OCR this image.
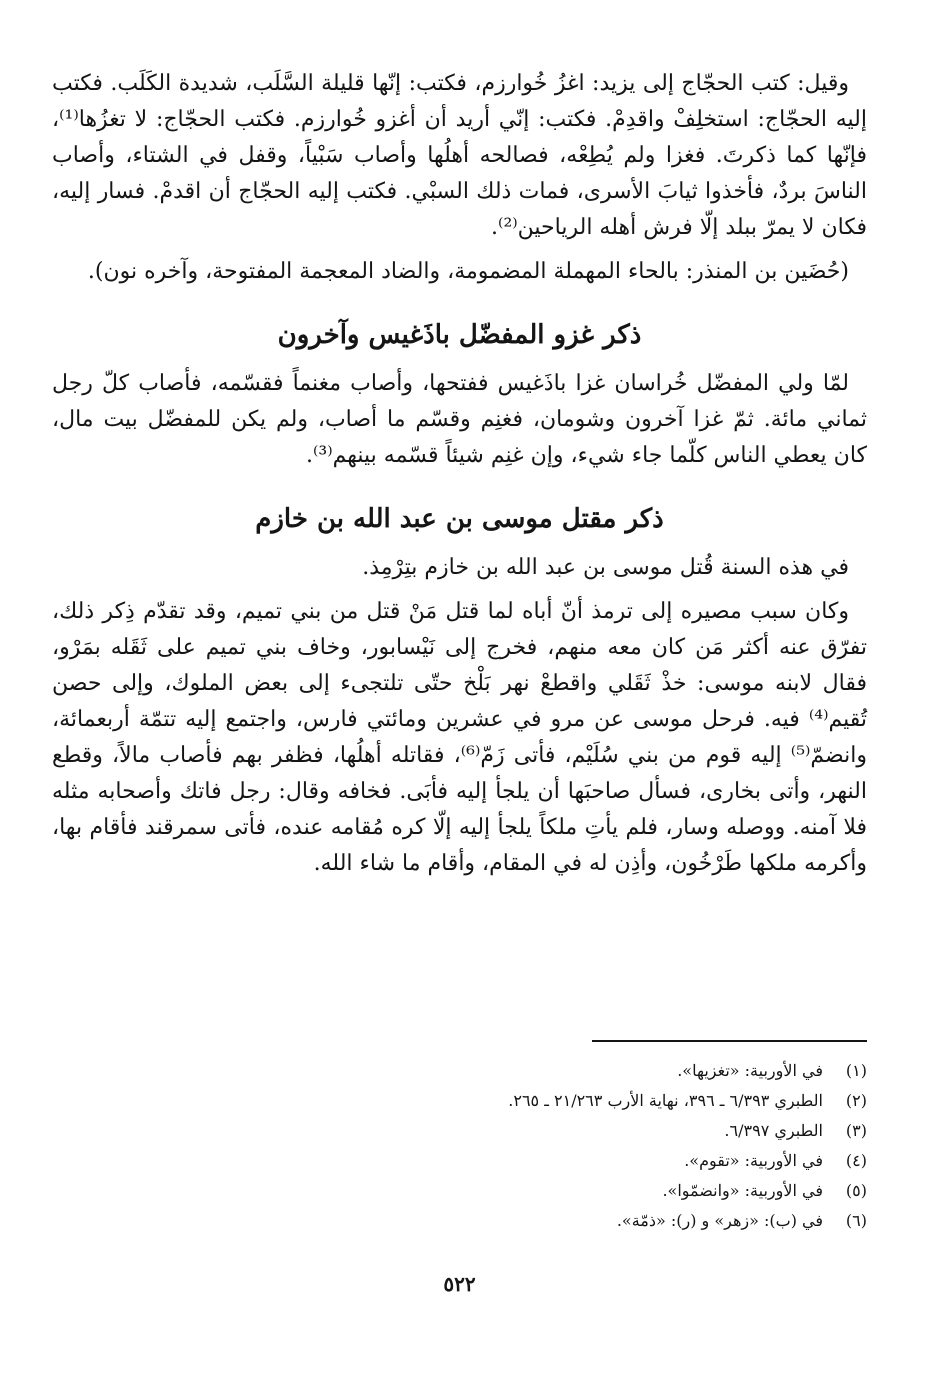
وقيل: كتب الحجّاج إلى يزيد: اغزُ خُوارزم، فكتب: إنّها قليلة السَّلَب، شديدة الكَلَب. فكتب إليه الحجّاج: استخلِفْ واقدِمْ. فكتب: إنّي أريد أن أغزو خُوارزم. فكتب الحجّاج: لا تغزُها⁽¹⁾، فإنّها كما ذكرتَ. فغزا ولم يُطِعْه، فصالحه أهلُها وأصاب سَبْياً، وقفل في الشتاء، وأصاب الناسَ بردٌ، فأخذوا ثيابَ الأسرى، فمات ذلك السبْي. فكتب إليه الحجّاج أن اقدمْ. فسار إليه، فكان لا يمرّ ببلد إلّا فرش أهله الرياحين⁽²⁾.

(حُضَين بن المنذر: بالحاء المهملة المضمومة، والضاد المعجمة المفتوحة، وآخره نون).

ذكر غزو المفضّل باذَغيس وآخرون

لمّا ولي المفضّل خُراسان غزا باذَغيس ففتحها، وأصاب مغنماً فقسّمه، فأصاب كلّ رجل ثماني مائة. ثمّ غزا آخرون وشومان، فغنِم وقسّم ما أصاب، ولم يكن للمفضّل بيت مال، كان يعطي الناس كلّما جاء شيء، وإن غنِم شيئاً قسّمه بينهم⁽³⁾.

ذكر مقتل موسى بن عبد الله بن خازم

في هذه السنة قُتل موسى بن عبد الله بن خازم بتِرْمِذ.

وكان سبب مصيره إلى ترمذ أنّ أباه لما قتل مَنْ قتل من بني تميم، وقد تقدّم ذِكر ذلك، تفرّق عنه أكثر مَن كان معه منهم، فخرج إلى نَيْسابور، وخاف بني تميم على ثَقَله بمَرْو، فقال لابنه موسى: خذْ ثَقَلي واقطعْ نهر بَلْخ حتّى تلتجىء إلى بعض الملوك، وإلى حصن تُقيم⁽⁴⁾ فيه. فرحل موسى عن مرو في عشرين ومائتي فارس، واجتمع إليه تتمّة أربعمائة، وانضمّ⁽⁵⁾ إليه قوم من بني سُلَيْم، فأتى زَمّ⁽⁶⁾، فقاتله أهلُها، فظفر بهم فأصاب مالاً، وقطع النهر، وأتى بخارى، فسأل صاحبَها أن يلجأ إليه فأبَى. فخافه وقال: رجل فاتك وأصحابه مثله فلا آمنه. ووصله وسار، فلم يأتِ ملكاً يلجأ إليه إلّا كره مُقامه عنده، فأتى سمرقند فأقام بها، وأكرمه ملكها طَرْخُون، وأذِن له في المقام، وأقام ما شاء الله.

(١)
في الأوربية: «تغزيها».
(٢)
الطبري ٦/٣٩٣ ـ ٣٩٦، نهاية الأرب ٢١/٢٦٣ ـ ٢٦٥.
(٣)
الطبري ٦/٣٩٧.
(٤)
في الأوربية: «تقوم».
(٥)
في الأوربية: «وانضمّوا».
(٦)
في (ب): «زهر» و (ر): «ذمّة».
٥٢٢
